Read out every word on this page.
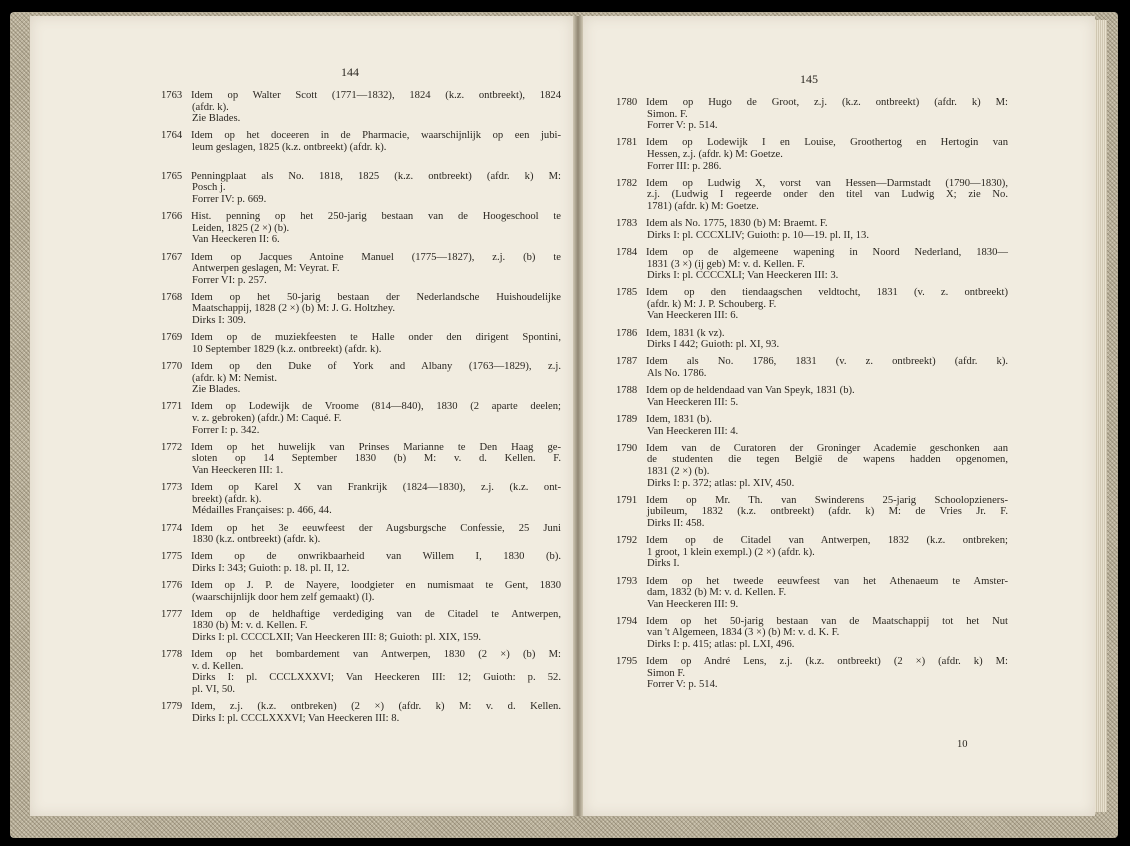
144
1763 Idem op Walter Scott (1771—1832), 1824 (k.z. ontbreekt), 1824
(afdr. k).
Zie Blades.
1764 Idem op het doceeren in de Pharmacie, waarschijnlijk op een jubi-
leum geslagen, 1825 (k.z. ontbreekt) (afdr. k).

1765 Penningplaat als No. 1818, 1825 (k.z. ontbreekt) (afdr. k) M:
Posch j.
Forrer IV: p. 669.
1766 Hist. penning op het 250-jarig bestaan van de Hoogeschool te
Leiden, 1825 (2 ×) (b).
Van Heeckeren II: 6.
1767 Idem op Jacques Antoine Manuel (1775—1827), z.j. (b) te
Antwerpen geslagen, M: Veyrat. F.
Forrer VI: p. 257.
1768 Idem op het 50-jarig bestaan der Nederlandsche Huishoudelijke
Maatschappij, 1828 (2 ×) (b) M: J. G. Holtzhey.
Dirks I: 309.
1769 Idem op de muziekfeesten te Halle onder den dirigent Spontini,
10 September 1829 (k.z. ontbreekt) (afdr. k).
1770 Idem op den Duke of York and Albany (1763—1829), z.j.
(afdr. k) M: Nemist.
Zie Blades.
1771 Idem op Lodewijk de Vroome (814—840), 1830 (2 aparte deelen;
v. z. gebroken) (afdr.) M: Caqué. F.
Forrer I: p. 342.
1772 Idem op het huwelijk van Prinses Marianne te Den Haag ge-
sloten op 14 September 1830 (b) M: v. d. Kellen. F.
Van Heeckeren III: 1.
1773 Idem op Karel X van Frankrijk (1824—1830), z.j. (k.z. ont-
breekt) (afdr. k).
Médailles Françaises: p. 466, 44.
1774 Idem op het 3e eeuwfeest der Augsburgsche Confessie, 25 Juni
1830 (k.z. ontbreekt) (afdr. k).
1775 Idem op de onwrikbaarheid van Willem I, 1830 (b).
Dirks I: 343; Guioth: p. 18. pl. II, 12.
1776 Idem op J. P. de Nayere, loodgieter en numismaat te Gent, 1830
(waarschijnlijk door hem zelf gemaakt) (l).
1777 Idem op de heldhaftige verdediging van de Citadel te Antwerpen,
1830 (b) M: v. d. Kellen. F.
Dirks I: pl. CCCCLXII; Van Heeckeren III: 8; Guioth: pl. XIX, 159.
1778 Idem op het bombardement van Antwerpen, 1830 (2 ×) (b) M:
v. d. Kellen.
Dirks I: pl. CCCLXXXVI; Van Heeckeren III: 12; Guioth: p. 52.
pl. VI, 50.
1779 Idem, z.j. (k.z. ontbreken) (2 ×) (afdr. k) M: v. d. Kellen.
Dirks I: pl. CCCLXXXVI; Van Heeckeren III: 8.
145
1780 Idem op Hugo de Groot, z.j. (k.z. ontbreekt) (afdr. k) M:
Simon. F.
Forrer V: p. 514.
1781 Idem op Lodewijk I en Louise, Groothertog en Hertogin van
Hessen, z.j. (afdr. k) M: Goetze.
Forrer III: p. 286.
1782 Idem op Ludwig X, vorst van Hessen—Darmstadt (1790—1830),
z.j. (Ludwig I regeerde onder den titel van Ludwig X; zie No.
1781) (afdr. k) M: Goetze.
1783 Idem als No. 1775, 1830 (b) M: Braemt. F.
Dirks I: pl. CCCXLIV; Guioth: p. 10—19. pl. II, 13.
1784 Idem op de algemeene wapening in Noord Nederland, 1830—
1831 (3 ×) (ij geb) M: v. d. Kellen. F.
Dirks I: pl. CCCCXLI; Van Heeckeren III: 3.
1785 Idem op den tiendaagschen veldtocht, 1831 (v. z. ontbreekt)
(afdr. k) M: J. P. Schouberg. F.
Van Heeckeren III: 6.
1786 Idem, 1831 (k vz).
Dirks I 442; Guioth: pl. XI, 93.
1787 Idem als No. 1786, 1831 (v. z. ontbreekt) (afdr. k).
Als No. 1786.
1788 Idem op de heldendaad van Van Speyk, 1831 (b).
Van Heeckeren III: 5.
1789 Idem, 1831 (b).
Van Heeckeren III: 4.
1790 Idem van de Curatoren der Groninger Academie geschonken aan
de studenten die tegen België de wapens hadden opgenomen,
1831 (2 ×) (b).
Dirks I: p. 372; atlas: pl. XIV, 450.
1791 Idem op Mr. Th. van Swinderens 25-jarig Schoolopzieners-
jubileum, 1832 (k.z. ontbreekt) (afdr. k) M: de Vries Jr. F.
Dirks II: 458.
1792 Idem op de Citadel van Antwerpen, 1832 (k.z. ontbreken;
1 groot, 1 klein exempl.) (2 ×) (afdr. k).
Dirks I.
1793 Idem op het tweede eeuwfeest van het Athenaeum te Amster-
dam, 1832 (b) M: v. d. Kellen. F.
Van Heeckeren III: 9.
1794 Idem op het 50-jarig bestaan van de Maatschappij tot het Nut
van 't Algemeen, 1834 (3 ×) (b) M: v. d. K. F.
Dirks I: p. 415; atlas: pl. LXI, 496.
1795 Idem op André Lens, z.j. (k.z. ontbreekt) (2 ×) (afdr. k) M:
Simon F.
Forrer V: p. 514.
10
